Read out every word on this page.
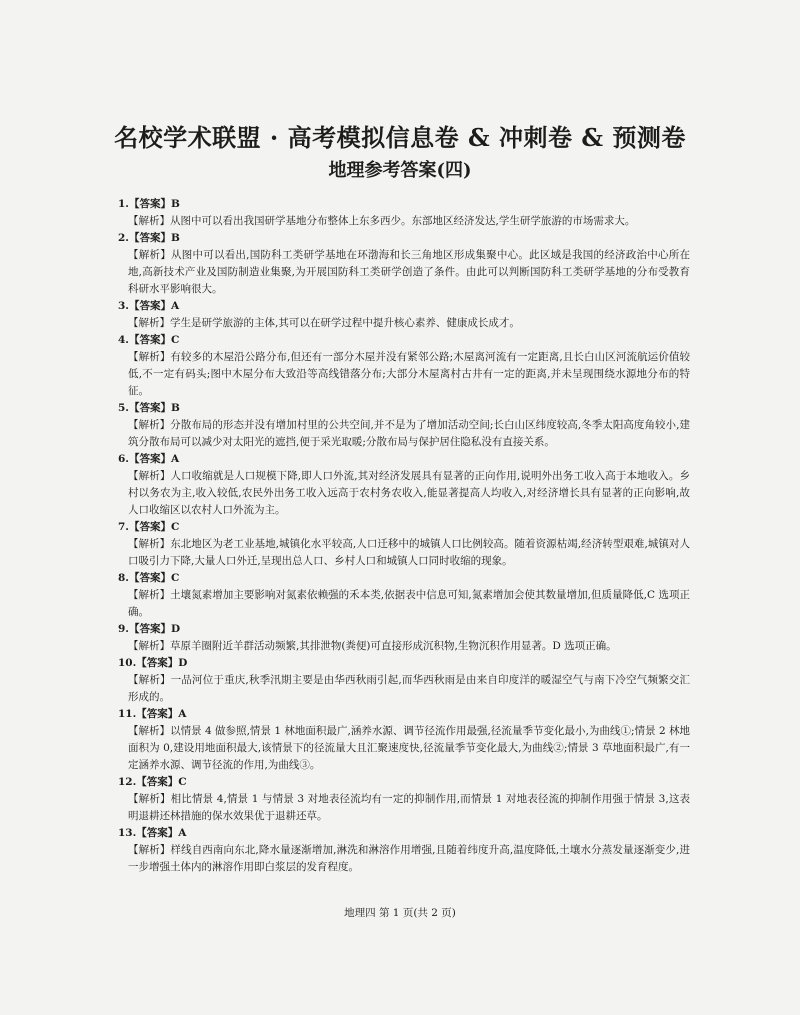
名校学术联盟 · 高考模拟信息卷 & 冲刺卷 & 预测卷
地理参考答案(四)
1.【答案】B
【解析】从图中可以看出我国研学基地分布整体上东多西少。东部地区经济发达,学生研学旅游的市场需求大。
2.【答案】B
【解析】从图中可以看出,国防科工类研学基地在环渤海和长三角地区形成集聚中心。此区域是我国的经济政治中心所在地,高新技术产业及国防制造业集聚,为开展国防科工类研学创造了条件。由此可以判断国防科工类研学基地的分布受教育科研水平影响很大。
3.【答案】A
【解析】学生是研学旅游的主体,其可以在研学过程中提升核心素养、健康成长成才。
4.【答案】C
【解析】有较多的木屋沿公路分布,但还有一部分木屋并没有紧邻公路;木屋离河流有一定距离,且长白山区河流航运价值较低,不一定有码头;图中木屋分布大致沿等高线错落分布;大部分木屋离村古井有一定的距离,并未呈现围绕水源地分布的特征。
5.【答案】B
【解析】分散布局的形态并没有增加村里的公共空间,并不是为了增加活动空间;长白山区纬度较高,冬季太阳高度角较小,建筑分散布局可以减少对太阳光的遮挡,便于采光取暖;分散布局与保护居住隐私没有直接关系。
6.【答案】A
【解析】人口收缩就是人口规模下降,即人口外流,其对经济发展具有显著的正向作用,说明外出务工收入高于本地收入。乡村以务农为主,收入较低,农民外出务工收入远高于农村务农收入,能显著提高人均收入,对经济增长具有显著的正向影响,故人口收缩区以农村人口外流为主。
7.【答案】C
【解析】东北地区为老工业基地,城镇化水平较高,人口迁移中的城镇人口比例较高。随着资源枯竭,经济转型艰难,城镇对人口吸引力下降,大量人口外迁,呈现出总人口、乡村人口和城镇人口同时收缩的现象。
8.【答案】C
【解析】土壤氮素增加主要影响对氮素依赖强的禾本类,依据表中信息可知,氮素增加会使其数量增加,但质量降低,C 选项正确。
9.【答案】D
【解析】草原羊圈附近羊群活动频繁,其排泄物(粪便)可直接形成沉积物,生物沉积作用显著。D 选项正确。
10.【答案】D
【解析】一品河位于重庆,秋季汛期主要是由华西秋雨引起,而华西秋雨是由来自印度洋的暖湿空气与南下冷空气频繁交汇形成的。
11.【答案】A
【解析】以情景 4 做参照,情景 1 林地面积最广,涵养水源、调节径流作用最强,径流量季节变化最小,为曲线①;情景 2 林地面积为 0,建设用地面积最大,该情景下的径流量大且汇聚速度快,径流量季节变化最大,为曲线②;情景 3 草地面积最广,有一定涵养水源、调节径流的作用,为曲线③。
12.【答案】C
【解析】相比情景 4,情景 1 与情景 3 对地表径流均有一定的抑制作用,而情景 1 对地表径流的抑制作用强于情景 3,这表明退耕还林措施的保水效果优于退耕还草。
13.【答案】A
【解析】样线自西南向东北,降水量逐渐增加,淋洗和淋溶作用增强,且随着纬度升高,温度降低,土壤水分蒸发量逐渐变少,进一步增强土体内的淋溶作用即白浆层的发育程度。
地理四 第 1 页(共 2 页)
